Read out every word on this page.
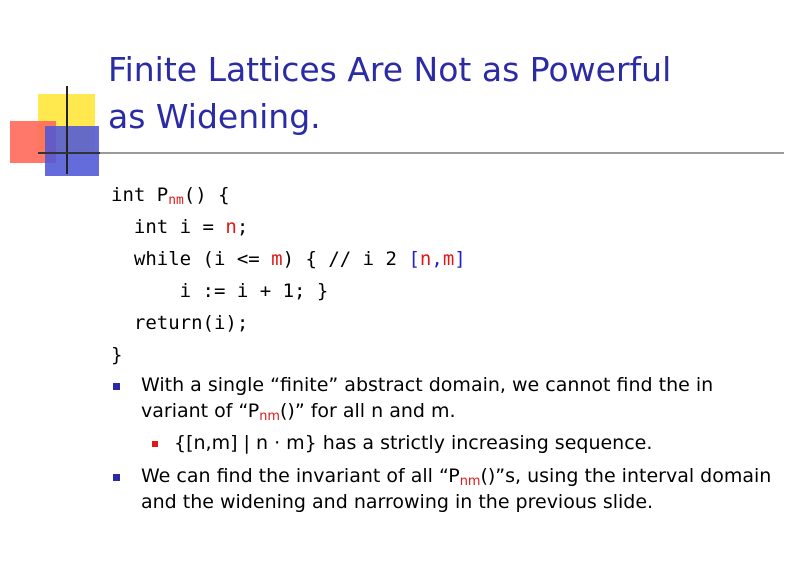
Finite Lattices Are Not as Powerful
as Widening.
int $P_{nm}()$ {
int i = n;
while (i <= m) { // i 2 [n,m]
i := i + 1; }
return(i);
}
With a single “finite” abstract domain, we cannot find the in variant of “$P_{nm}()$” for all n and m.
{[n,m] | n · m} has a strictly increasing sequence.
We can find the invariant of all “$P_{nm}()”s$, using the interval domain and the widening and narrowing in the previous slide.
